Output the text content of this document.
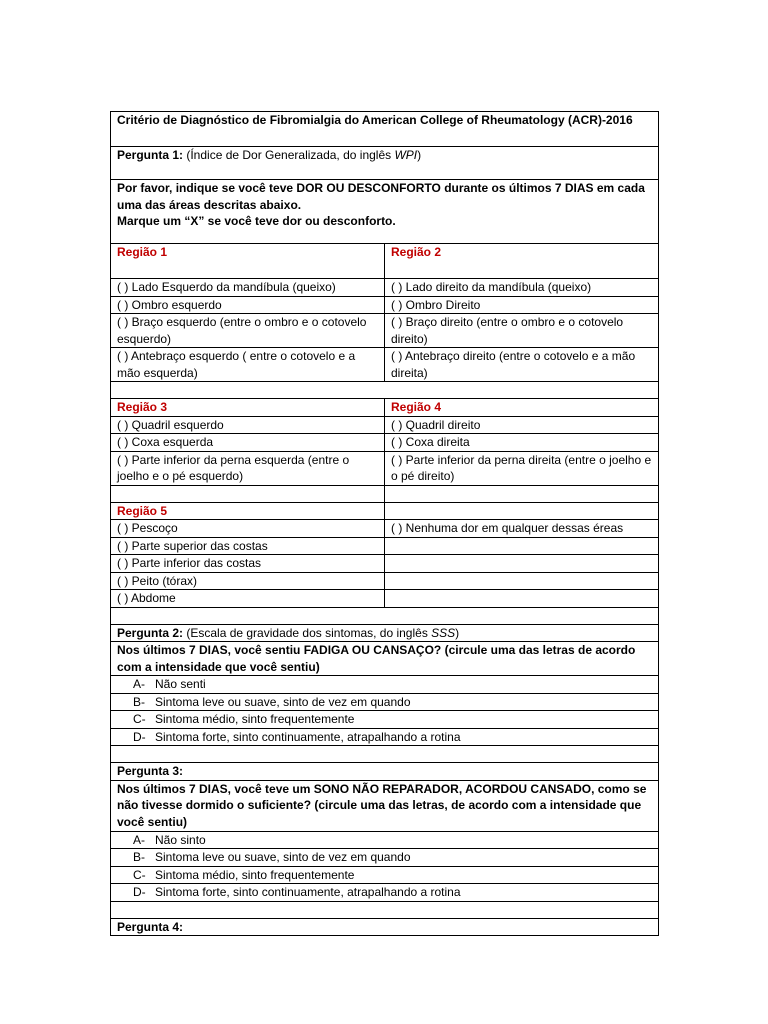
Critério de Diagnóstico de Fibromialgia do American College of Rheumatology (ACR)-2016	
Pergunta 1: (Índice de Dor Generalizada, do inglês WPI)	

Por favor, indique se você teve DOR OU DESCONFORTO durante os últimos 7 DIAS em cada uma das áreas descritas abaixo.
Marque um “X” se você teve dor ou desconforto.	

Região 1	Região 2
( ) Lado Esquerdo da mandíbula (queixo)	( ) Lado direito da mandíbula (queixo)
( ) Ombro esquerdo	( ) Ombro Direito
( ) Braço esquerdo (entre o ombro e o cotovelo esquerdo)	( ) Braço direito (entre o ombro e o cotovelo direito)
( ) Antebraço esquerdo ( entre o cotovelo e a mão esquerda)	( ) Antebraço direito (entre o cotovelo e a mão direita)

Região 3	Região 4
( ) Quadril esquerdo	( ) Quadril direito
( ) Coxa esquerda	( ) Coxa direita
( ) Parte inferior da perna esquerda (entre o joelho e o pé esquerdo)	( ) Parte inferior da perna direita (entre o joelho e o pé direito)

Região 5	
( ) Pescoço	( ) Nenhuma dor em qualquer dessas éreas
( ) Parte superior das costas	
( ) Parte inferior das costas	
( ) Peito (tórax)	
( ) Abdome	

Pergunta 2: (Escala de gravidade dos sintomas, do inglês SSS)	
Nos últimos 7 DIAS, você sentiu FADIGA OU CANSAÇO? (circule uma das letras de acordo com a intensidade que você sentiu)	
A- Não senti	
B- Sintoma leve ou suave, sinto de vez em quando	
C- Sintoma médio, sinto frequentemente	
D- Sintoma forte, sinto continuamente, atrapalhando a rotina	

Pergunta 3:	
Nos últimos 7 DIAS, você teve um SONO NÃO REPARADOR, ACORDOU CANSADO, como se não tivesse dormido o suficiente? (circule uma das letras, de acordo com a intensidade que você sentiu)	
A- Não sinto	
B- Sintoma leve ou suave, sinto de vez em quando	
C- Sintoma médio, sinto frequentemente	
D- Sintoma forte, sinto continuamente, atrapalhando a rotina	

Pergunta 4:	
